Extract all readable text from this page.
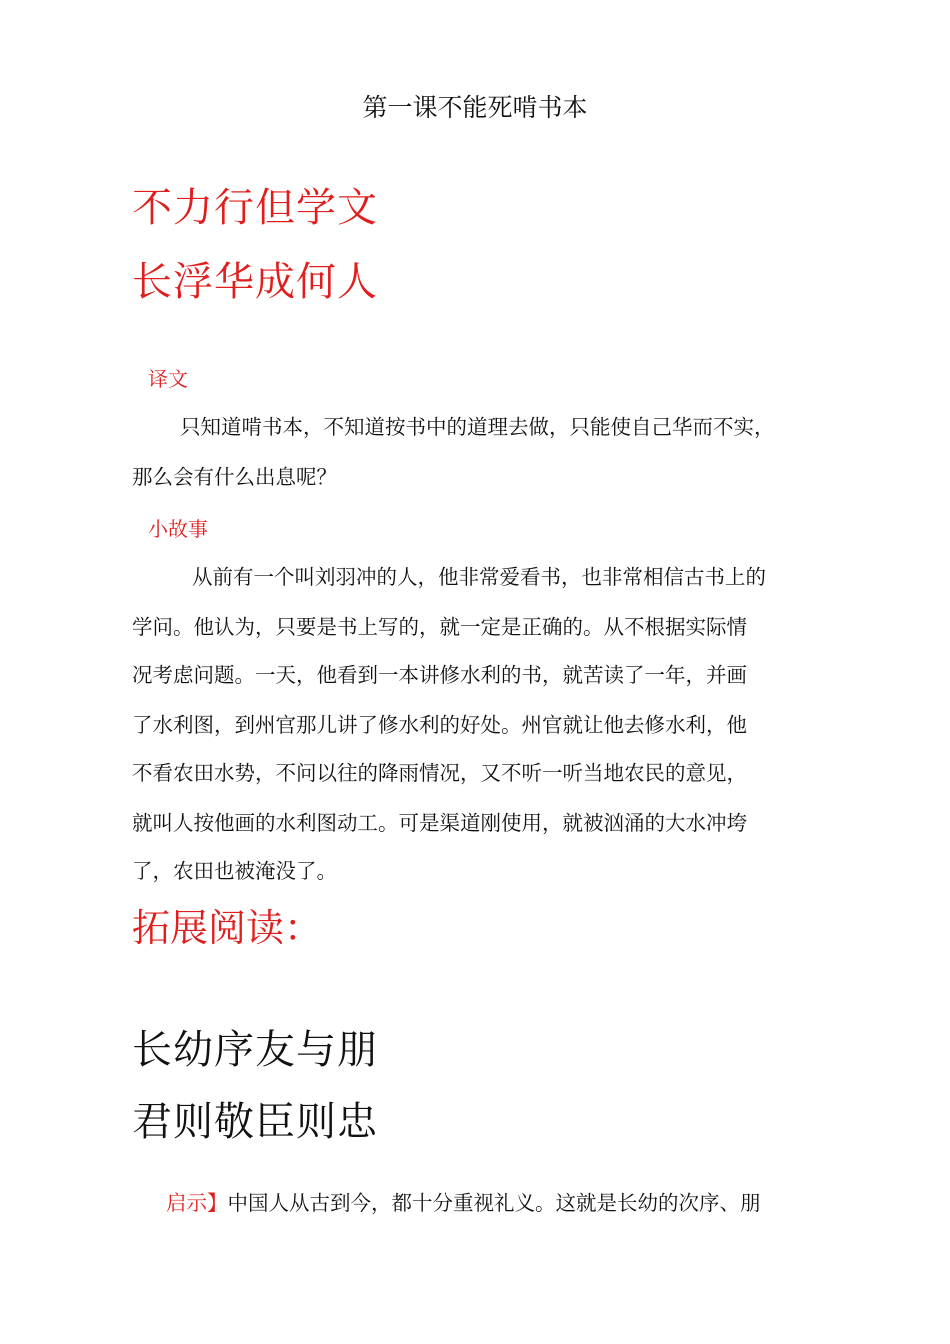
第一课不能死啃书本
不力行但学文
长浮华成何人
译文
只知道啃书本，不知道按书中的道理去做，只能使自己华而不实，
那么会有什么出息呢？
小故事
从前有一个叫刘羽冲的人，他非常爱看书，也非常相信古书上的
学问。他认为，只要是书上写的，就一定是正确的。从不根据实际情
况考虑问题。一天，他看到一本讲修水利的书，就苦读了一年，并画
了水利图，到州官那儿讲了修水利的好处。州官就让他去修水利，他
不看农田水势，不问以往的降雨情况，又不听一听当地农民的意见，
就叫人按他画的水利图动工。可是渠道刚使用，就被汹涌的大水冲垮
了，农田也被淹没了。
拓展阅读：
长幼序友与朋
君则敬臣则忠
启示】中国人从古到今，都十分重视礼义。这就是长幼的次序、朋
